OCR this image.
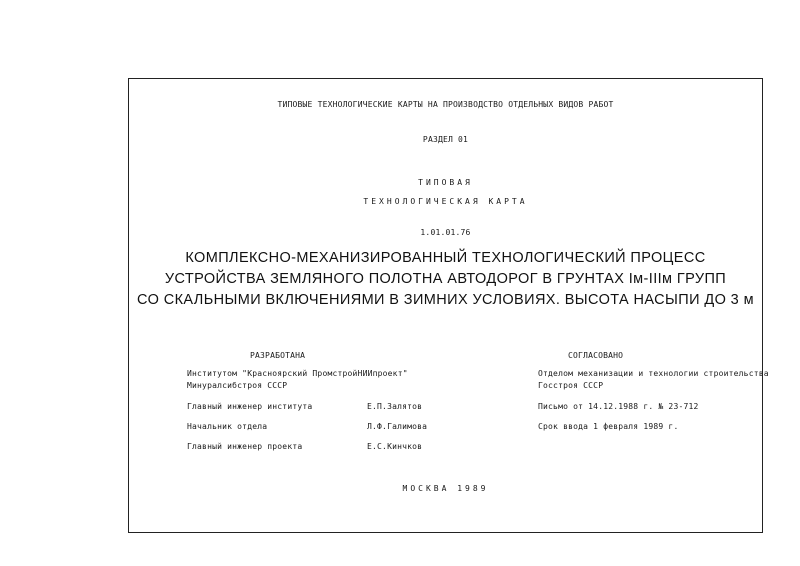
ТИПОВЫЕ ТЕХНОЛОГИЧЕСКИЕ КАРТЫ НА ПРОИЗВОДСТВО ОТДЕЛЬНЫХ ВИДОВ РАБОТ
РАЗДЕЛ 01
ТИПОВАЯ
ТЕХНОЛОГИЧЕСКАЯ КАРТА
1.01.01.76
КОМПЛЕКСНО-МЕХАНИЗИРОВАННЫЙ ТЕХНОЛОГИЧЕСКИЙ ПРОЦЕСС
УСТРОЙСТВА ЗЕМЛЯНОГО ПОЛОТНА АВТОДОРОГ В ГРУНТАХ Iм-IIIм ГРУПП
СО СКАЛЬНЫМИ ВКЛЮЧЕНИЯМИ В ЗИМНИХ УСЛОВИЯХ. ВЫСОТА НАСЫПИ ДО 3 м
РАЗРАБОТАНА
Институтом "Красноярский ПромстройНИИпроект"
Минуралсибстроя СССР
Главный инженер института	Е.П.Залятов
Начальник отдела	Л.Ф.Галимова
Главный инженер проекта	Е.С.Кинчков
СОГЛАСОВАНО
Отделом механизации и технологии строительства
Госстроя СССР
Письмо от 14.12.1988 г. № 23-712
Срок ввода 1 февраля 1989 г.
МОСКВА 1989
